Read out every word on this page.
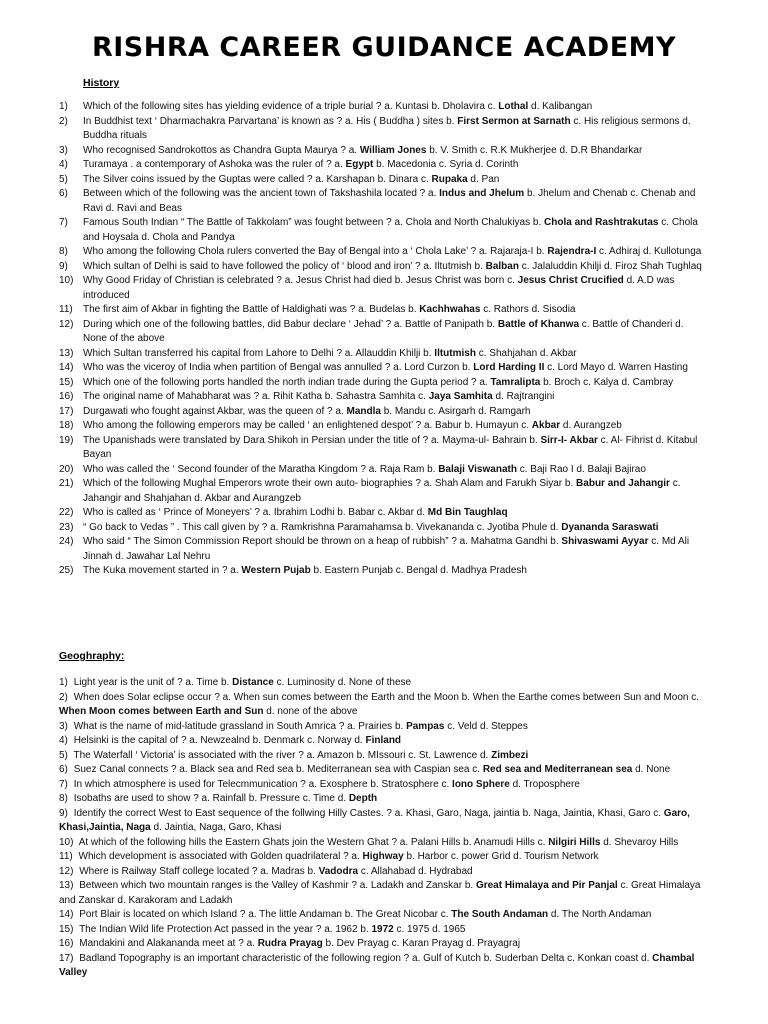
RISHRA CAREER GUIDANCE ACADEMY
History
1) Which of the following sites has yielding evidence of a triple burial ? a. Kuntasi b. Dholavira c. Lothal d. Kalibangan
2) In Buddhist text ‘ Dharmachakra Parvartana’ is known as ? a. His ( Buddha ) sites b. First Sermon at Sarnath c. His religious sermons d. Buddha rituals
3) Who recognised Sandrokottos as Chandra Gupta Maurya ? a. William Jones b. V. Smith c. R.K Mukherjee d. D.R Bhandarkar
4) Turamaya . a contemporary of Ashoka was the ruler of ? a. Egypt b. Macedonia c. Syria d. Corinth
5) The Silver coins issued by the Guptas were called ? a. Karshapan b. Dinara c. Rupaka d. Pan
6) Between which of the following was the ancient town of Takshashila located ? a. Indus and Jhelum b. Jhelum and Chenab c. Chenab and Ravi d. Ravi and Beas
7) Famous South Indian “ The Battle of Takkolam” was fought between ? a. Chola and North Chalukiyas b. Chola and Rashtrakutas c. Chola and Hoysala d. Chola and Pandya
8) Who among the following Chola rulers converted the Bay of Bengal into a ‘ Chola Lake’ ? a. Rajaraja-I b. Rajendra-I c. Adhiraj d. Kullotunga
9) Which sultan of Delhi is said to have followed the policy of ‘ blood and iron’ ? a. Iltutmish b. Balban c. Jalaluddin Khilji d. Firoz Shah Tughlaq
10) Why Good Friday of Christian is celebrated ? a. Jesus Christ had died b. Jesus Christ was born c. Jesus Christ Crucified d. A.D was introduced
11) The first aim of Akbar in fighting the Battle of Haldighati was ? a. Budelas b. Kachhwahas c. Rathors d. Sisodia
12) During which one of the following battles, did Babur declare ‘ Jehad’ ? a. Battle of Panipath b. Battle of Khanwa c. Battle of Chanderi d. None of the above
13) Which Sultan transferred his capital from Lahore to Delhi ? a. Allauddin Khilji b. Iltutmish c. Shahjahan d. Akbar
14) Who was the viceroy of India when partition of Bengal was annulled ? a. Lord Curzon b. Lord Harding II c. Lord Mayo d. Warren Hasting
15) Which one of the following ports handled the north indian trade during the Gupta period ? a. Tamralipta b. Broch c. Kalya d. Cambray
16) The original name of Mahabharat was ? a. Rihit Katha b. Sahastra Samhita c. Jaya Samhita d. Rajtrangini
17) Durgawati who fought against Akbar, was the queen of ? a. Mandla b. Mandu c. Asirgarh d. Ramgarh
18) Who among the following emperors may be called ‘ an enlightened despot’ ? a. Babur b. Humayun c. Akbar d. Aurangzeb
19) The Upanishads were translated by Dara Shikoh in Persian under the title of ? a. Mayma-ul- Bahrain b. Sirr-I- Akbar c. Al- Fihrist d. Kitabul Bayan
20) Who was called the ‘ Second founder of the Maratha Kingdom ? a. Raja Ram b. Balaji Viswanath c. Baji Rao I d. Balaji Bajirao
21) Which of the following Mughal Emperors wrote their own auto- biographies ? a. Shah Alam and Farukh Siyar b. Babur and Jahangir c. Jahangir and Shahjahan d. Akbar and Aurangzeb
22) Who is called as ‘ Prince of Moneyers’ ? a. Ibrahim Lodhi b. Babar c. Akbar d. Md Bin Taughlaq
23) “ Go back to Vedas ” . This call given by ? a. Ramkrishna Paramahamsa b. Vivekananda c. Jyotiba Phule d. Dyananda Saraswati
24) Who said “ The Simon Commission Report should be thrown on a heap of rubbish” ? a. Mahatma Gandhi b. Shivaswami Ayyar c. Md Ali Jinnah d. Jawahar Lal Nehru
25) The Kuka movement started in ? a. Western Pujab b. Eastern Punjab c. Bengal d. Madhya Pradesh
Geoghraphy:
1) Light year is the unit of ? a. Time b. Distance c. Luminosity d. None of these
2) When does Solar eclipse occur ? a. When sun comes between the Earth and the Moon b. When the Earthe comes between Sun and Moon c. When Moon comes between Earth and Sun d. none of the above
3) What is the name of mid-latitude grassland in South Amrica ? a. Prairies b. Pampas c. Veld d. Steppes
4) Helsinki is the capital of ? a. Newzealnd b. Denmark c. Norway d. Finland
5) The Waterfall ‘ Victoria’ is associated with the river ? a. Amazon b. MIssouri c. St. Lawrence d. Zimbezi
6) Suez Canal connects ? a. Black sea and Red sea b. Mediterranean sea with Caspian sea c. Red sea and Mediterranean sea d. None
7) In which atmosphere is used for Telecmmunication ? a. Exosphere b. Stratosphere c. Iono Sphere d. Troposphere
8) Isobaths are used to show ? a. Rainfall b. Pressure c. Time d. Depth
9) Identify the correct West to East sequence of the follwing Hilly Castes. ? a. Khasi, Garo, Naga, jaintia b. Naga, Jaintia, Khasi, Garo c. Garo, Khasi,Jaintia, Naga d. Jaintia, Naga, Garo, Khasi
10) At which of the following hills the Eastern Ghats join the Western Ghat ? a. Palani Hills b. Anamudi Hills c. Nilgiri Hills d. Shevaroy Hills
11) Which development is associated with Golden quadrilateral ? a. Highway b. Harbor c. power Grid d. Tourism Network
12) Where is Railway Staff college located ? a. Madras b. Vadodra c. Allahabad d. Hydrabad
13) Between which two mountain ranges is the Valley of Kashmir ? a. Ladakh and Zanskar b. Great Himalaya and Pir Panjal c. Great Himalaya and Zanskar d. Karakoram and Ladakh
14) Port Blair is located on which Island ? a. The little Andaman b. The Great Nicobar c. The South Andaman d. The North Andaman
15) The Indian Wild life Protection Act passed in the year ? a. 1962 b. 1972 c. 1975 d. 1965
16) Mandakini and Alakananda meet at ? a. Rudra Prayag b. Dev Prayag c. Karan Prayag d. Prayagraj
17) Badland Topography is an important characteristic of the following region ? a. Gulf of Kutch b. Suderban Delta c. Konkan coast d. Chambal Valley
